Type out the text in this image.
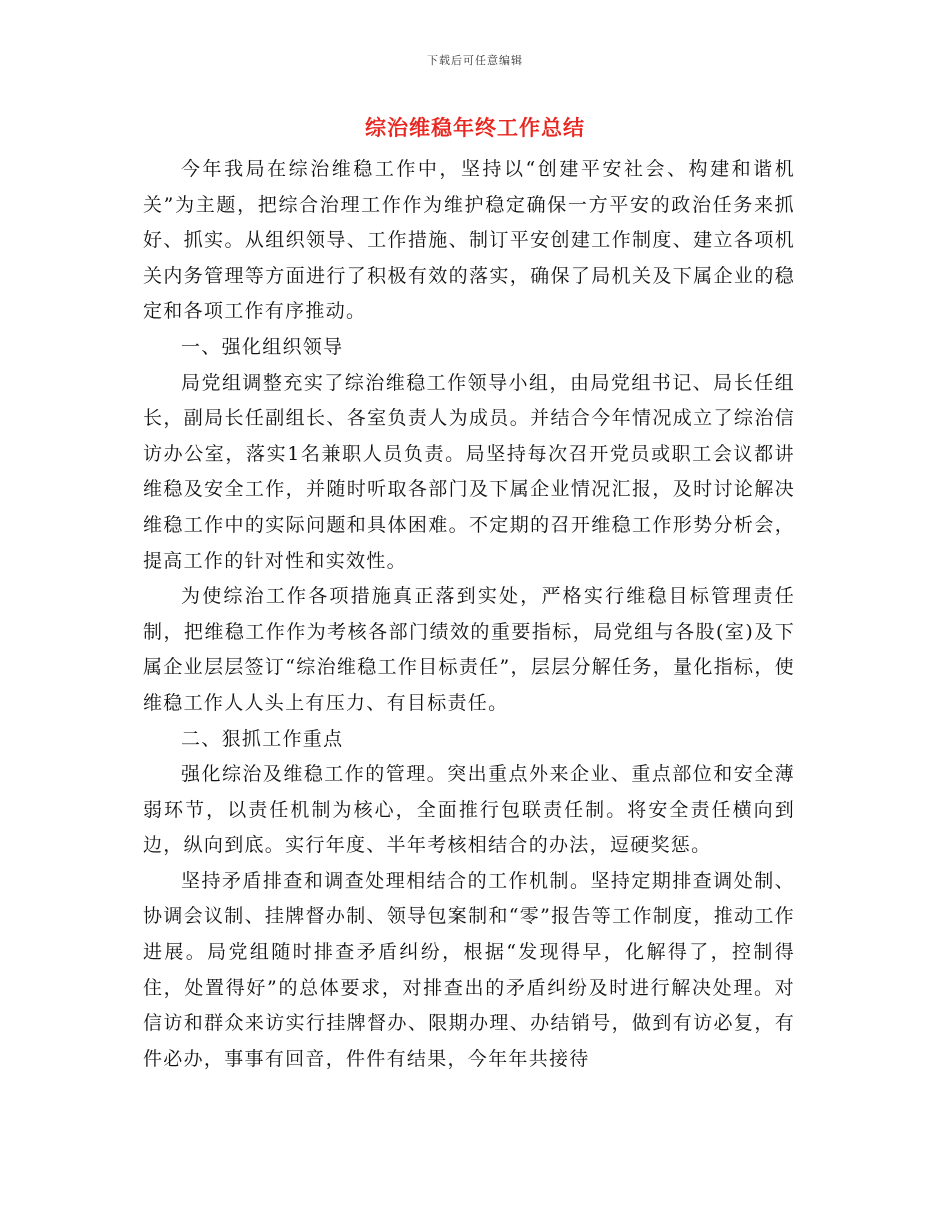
下载后可任意编辑
综治维稳年终工作总结

今年我局在综治维稳工作中，坚持以“创建平安社会、构建和谐机关”为主题，把综合治理工作作为维护稳定确保一方平安的政治任务来抓好、抓实。从组织领导、工作措施、制订平安创建工作制度、建立各项机关内务管理等方面进行了积极有效的落实，确保了局机关及下属企业的稳定和各项工作有序推动。

一、强化组织领导

局党组调整充实了综治维稳工作领导小组，由局党组书记、局长任组长，副局长任副组长、各室负责人为成员。并结合今年情况成立了综治信访办公室，落实1名兼职人员负责。局坚持每次召开党员或职工会议都讲维稳及安全工作，并随时听取各部门及下属企业情况汇报，及时讨论解决维稳工作中的实际问题和具体困难。不定期的召开维稳工作形势分析会，提高工作的针对性和实效性。

为使综治工作各项措施真正落到实处，严格实行维稳目标管理责任制，把维稳工作作为考核各部门绩效的重要指标，局党组与各股(室)及下属企业层层签订“综治维稳工作目标责任”，层层分解任务，量化指标，使维稳工作人人头上有压力、有目标责任。

二、狠抓工作重点

强化综治及维稳工作的管理。突出重点外来企业、重点部位和安全薄弱环节，以责任机制为核心，全面推行包联责任制。将安全责任横向到边，纵向到底。实行年度、半年考核相结合的办法，逗硬奖惩。

坚持矛盾排查和调查处理相结合的工作机制。坚持定期排查调处制、协调会议制、挂牌督办制、领导包案制和“零”报告等工作制度，推动工作进展。局党组随时排查矛盾纠纷，根据“发现得早，化解得了，控制得住，处置得好”的总体要求，对排查出的矛盾纠纷及时进行解决处理。对信访和群众来访实行挂牌督办、限期办理、办结销号，做到有访必复，有件必办，事事有回音，件件有结果，今年年共接待
